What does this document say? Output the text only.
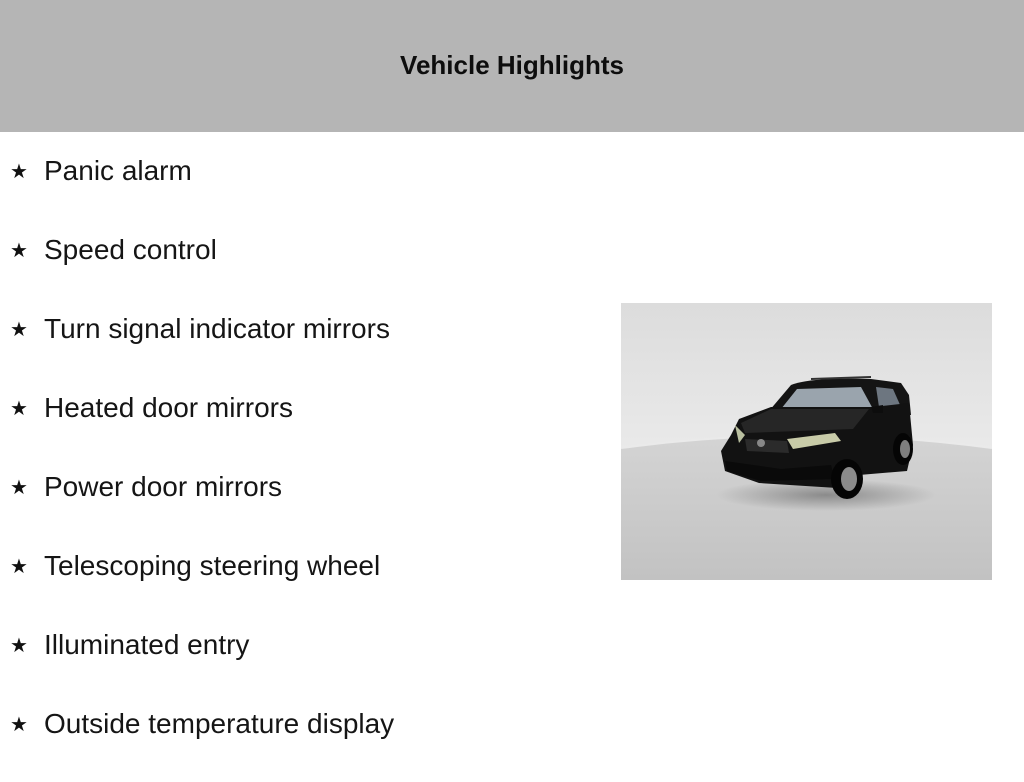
Vehicle Highlights
★ Panic alarm
★ Speed control
★ Turn signal indicator mirrors
★ Heated door mirrors
★ Power door mirrors
★ Telescoping steering wheel
★ Illuminated entry
★ Outside temperature display
